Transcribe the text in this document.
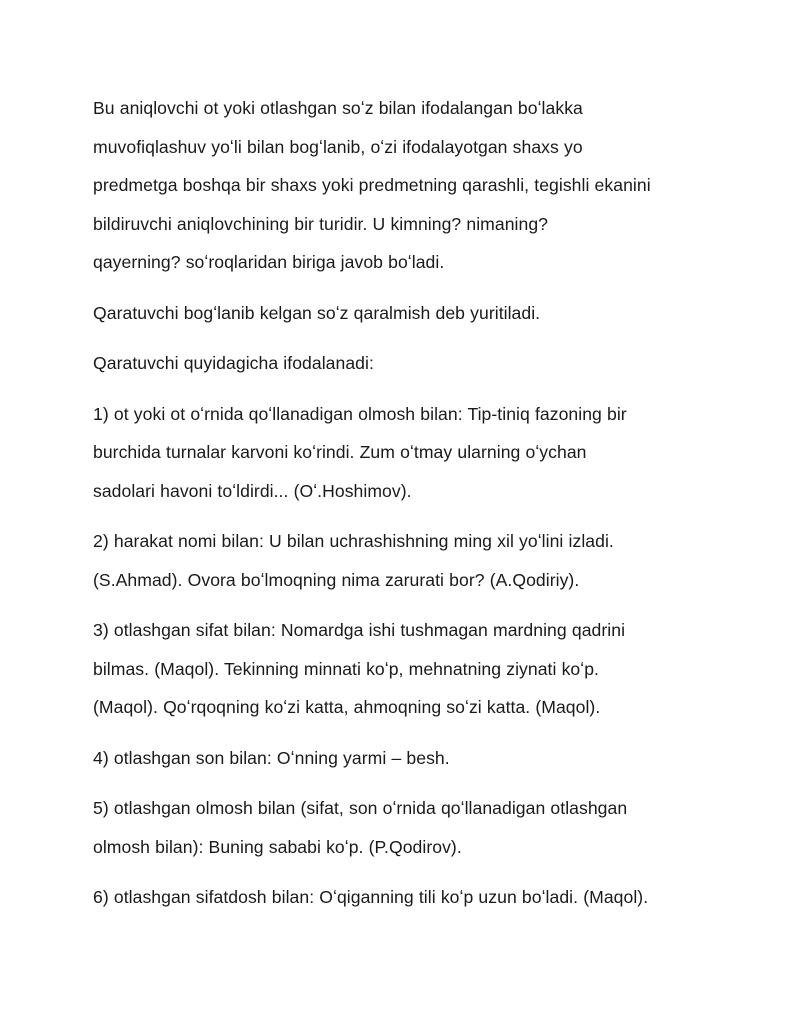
Bu aniqlovchi ot yoki otlashgan soʻz bilan ifodalangan boʻlakka
muvofiqlashuv yoʻli bilan bogʻlanib, oʻzi ifodalayotgan shaxs yo
predmetga boshqa bir shaxs yoki predmetning qarashli, tegishli ekanini
bildiruvchi aniqlovchining bir turidir. U kimning? nimaning?
qayerning? soʻroqlaridan biriga javob boʻladi.

Qaratuvchi bogʻlanib kelgan soʻz qaralmish deb yuritiladi.

Qaratuvchi quyidagicha ifodalanadi:

1) ot yoki ot oʻrnida qoʻllanadigan olmosh bilan: Tip-tiniq fazoning bir
burchida turnalar karvoni koʻrindi. Zum oʻtmay ularning oʻychan
sadolari havoni toʻldirdi... (Oʻ.Hoshimov).

2) harakat nomi bilan: U bilan uchrashishning ming xil yoʻlini izladi.
(S.Ahmad). Ovora boʻlmoqning nima zarurati bor? (A.Qodiriy).

3) otlashgan sifat bilan: Nomardga ishi tushmagan mardning qadrini
bilmas. (Maqol). Tekinning minnati koʻp, mehnatning ziynati koʻp.
(Maqol). Qoʻrqoqning koʻzi katta, ahmoqning soʻzi katta. (Maqol).

4) otlashgan son bilan: Oʻnning yarmi – besh.

5) otlashgan olmosh bilan (sifat, son oʻrnida qoʻllanadigan otlashgan
olmosh bilan): Buning sababi koʻp. (P.Qodirov).

6) otlashgan sifatdosh bilan: Oʻqiganning tili koʻp uzun boʻladi. (Maqol).
